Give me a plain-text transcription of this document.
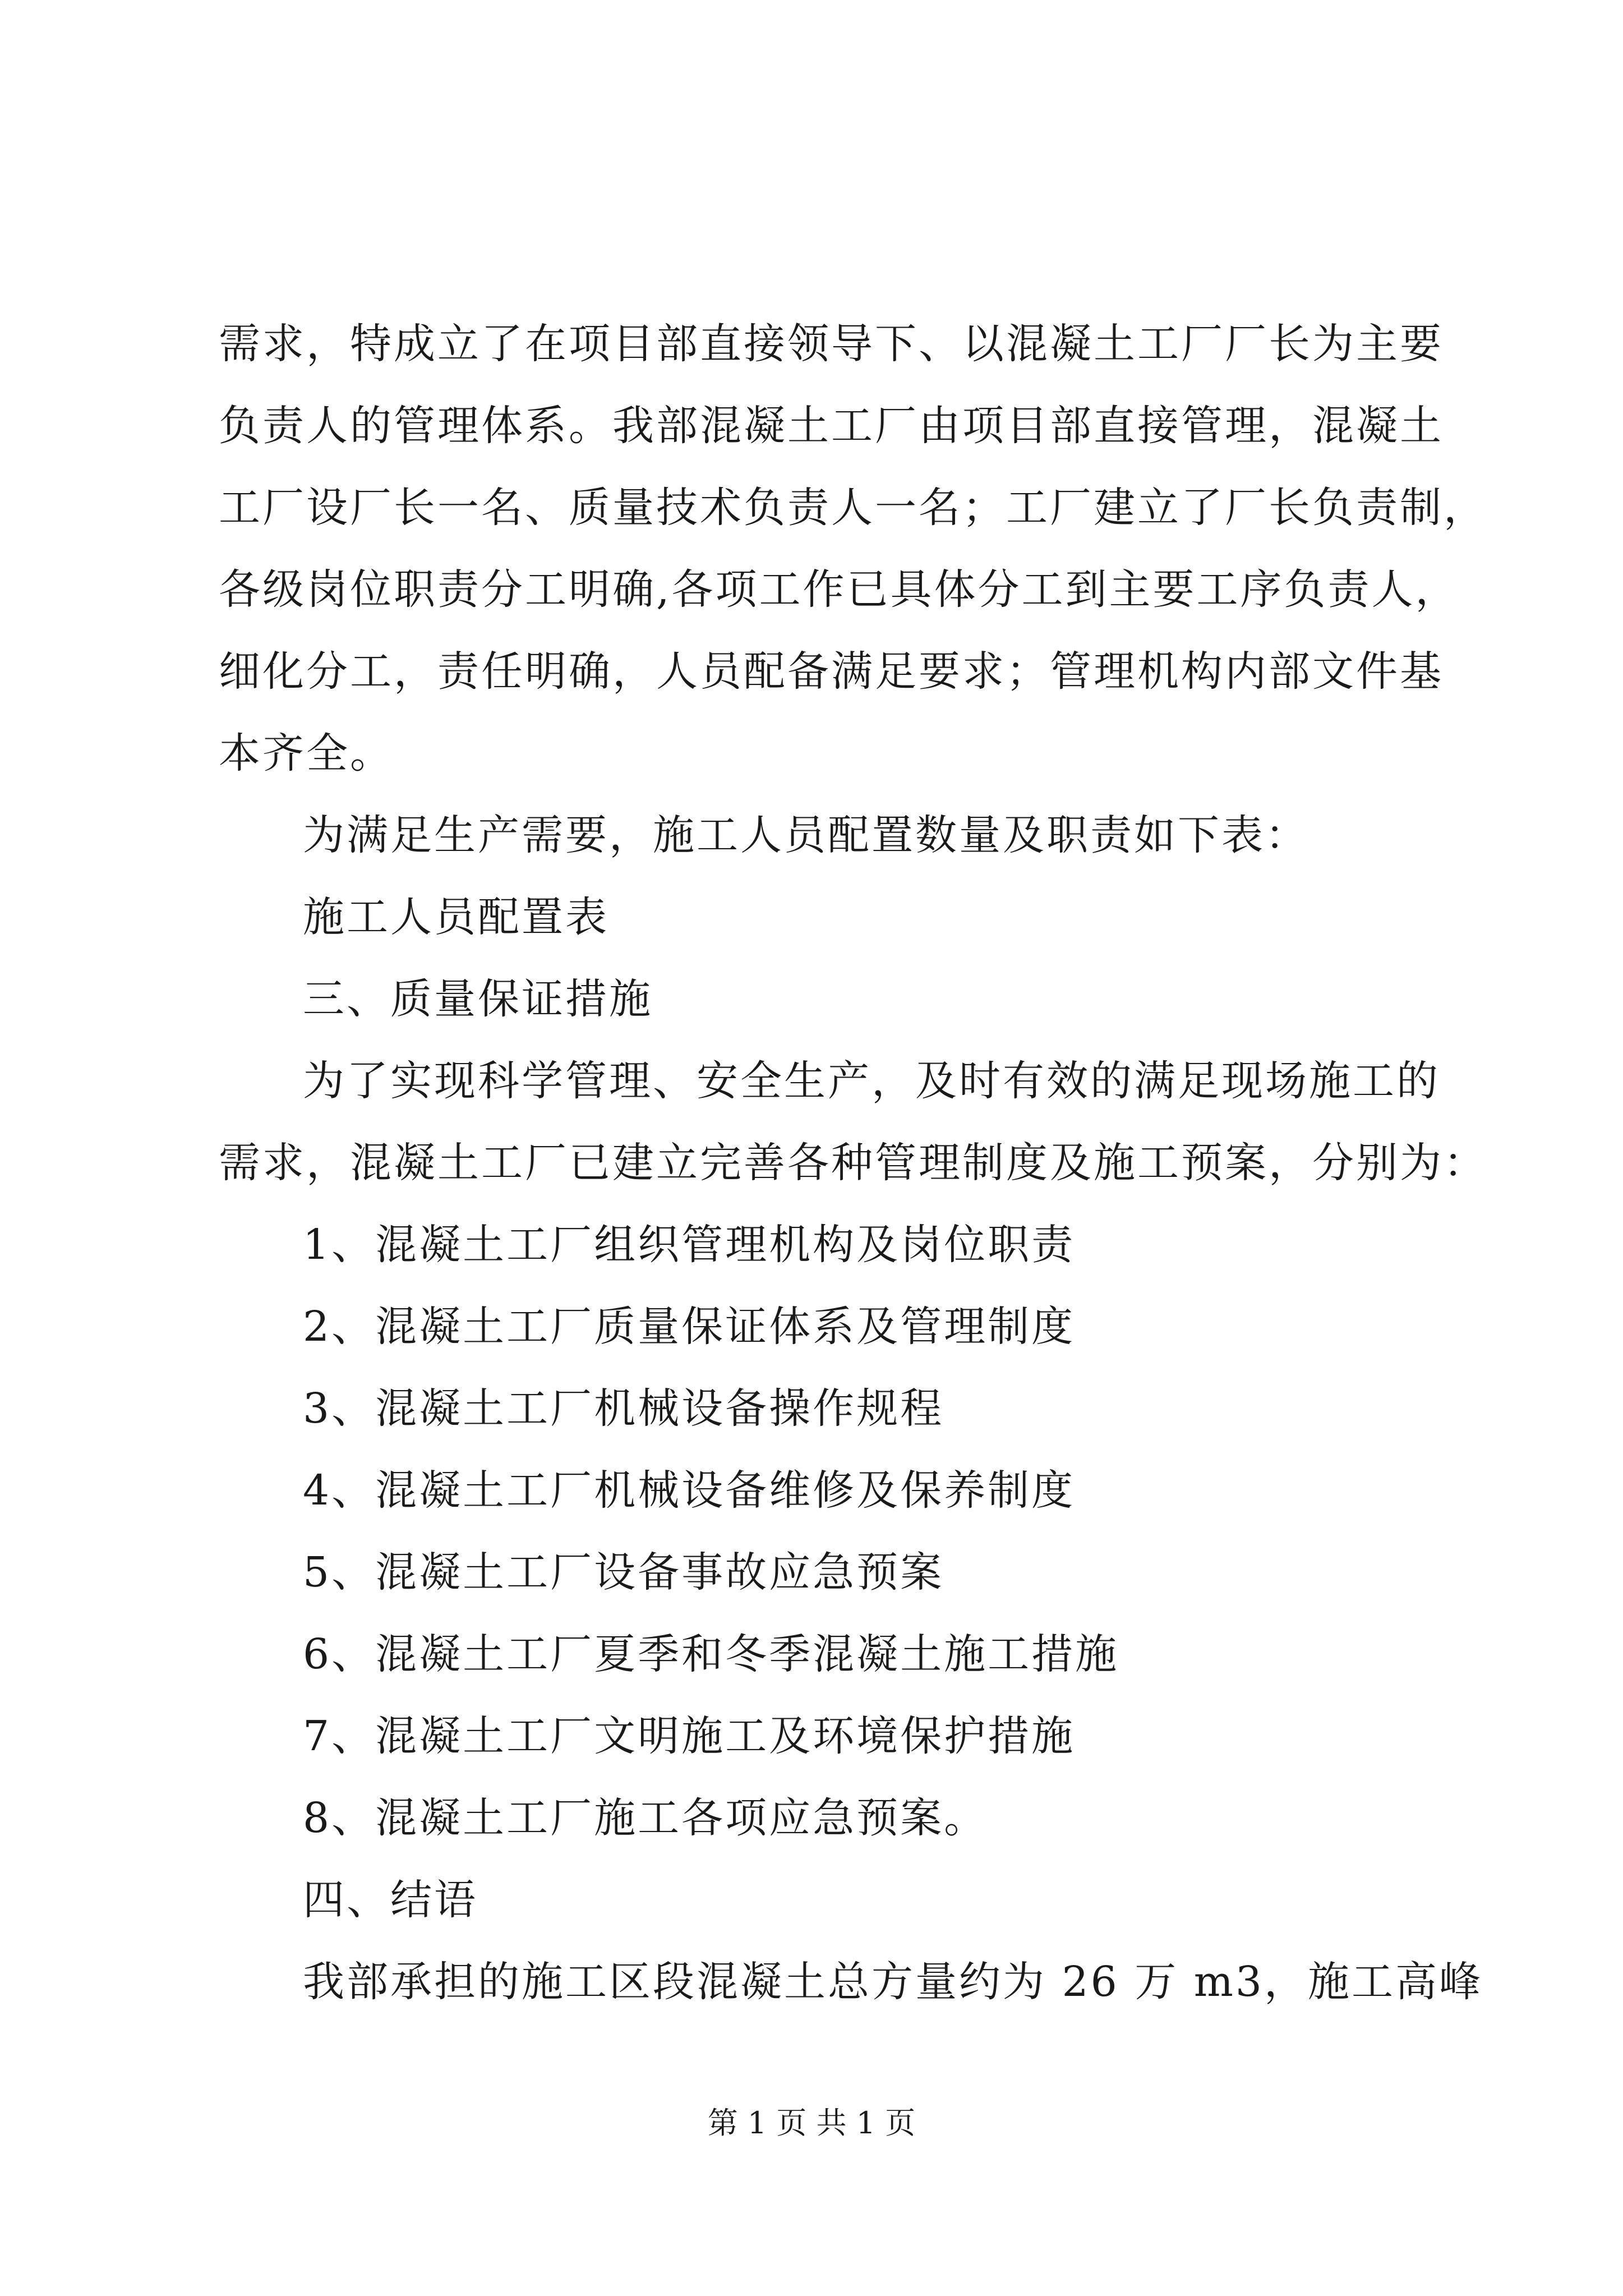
需求，特成立了在项目部直接领导下、以混凝土工厂厂长为主要
负责人的管理体系。我部混凝土工厂由项目部直接管理，混凝土
工厂设厂长一名、质量技术负责人一名；工厂建立了厂长负责制，
各级岗位职责分工明确,各项工作已具体分工到主要工序负责人，
细化分工，责任明确，人员配备满足要求；管理机构内部文件基
本齐全。
为满足生产需要，施工人员配置数量及职责如下表：
施工人员配置表
三、质量保证措施
为了实现科学管理、安全生产，及时有效的满足现场施工的
需求，混凝土工厂已建立完善各种管理制度及施工预案，分别为：
1、混凝土工厂组织管理机构及岗位职责
2、混凝土工厂质量保证体系及管理制度
3、混凝土工厂机械设备操作规程
4、混凝土工厂机械设备维修及保养制度
5、混凝土工厂设备事故应急预案
6、混凝土工厂夏季和冬季混凝土施工措施
7、混凝土工厂文明施工及环境保护措施
8、混凝土工厂施工各项应急预案。
四、结语
我部承担的施工区段混凝土总方量约为 26 万 m3，施工高峰
第 1 页 共 1 页
